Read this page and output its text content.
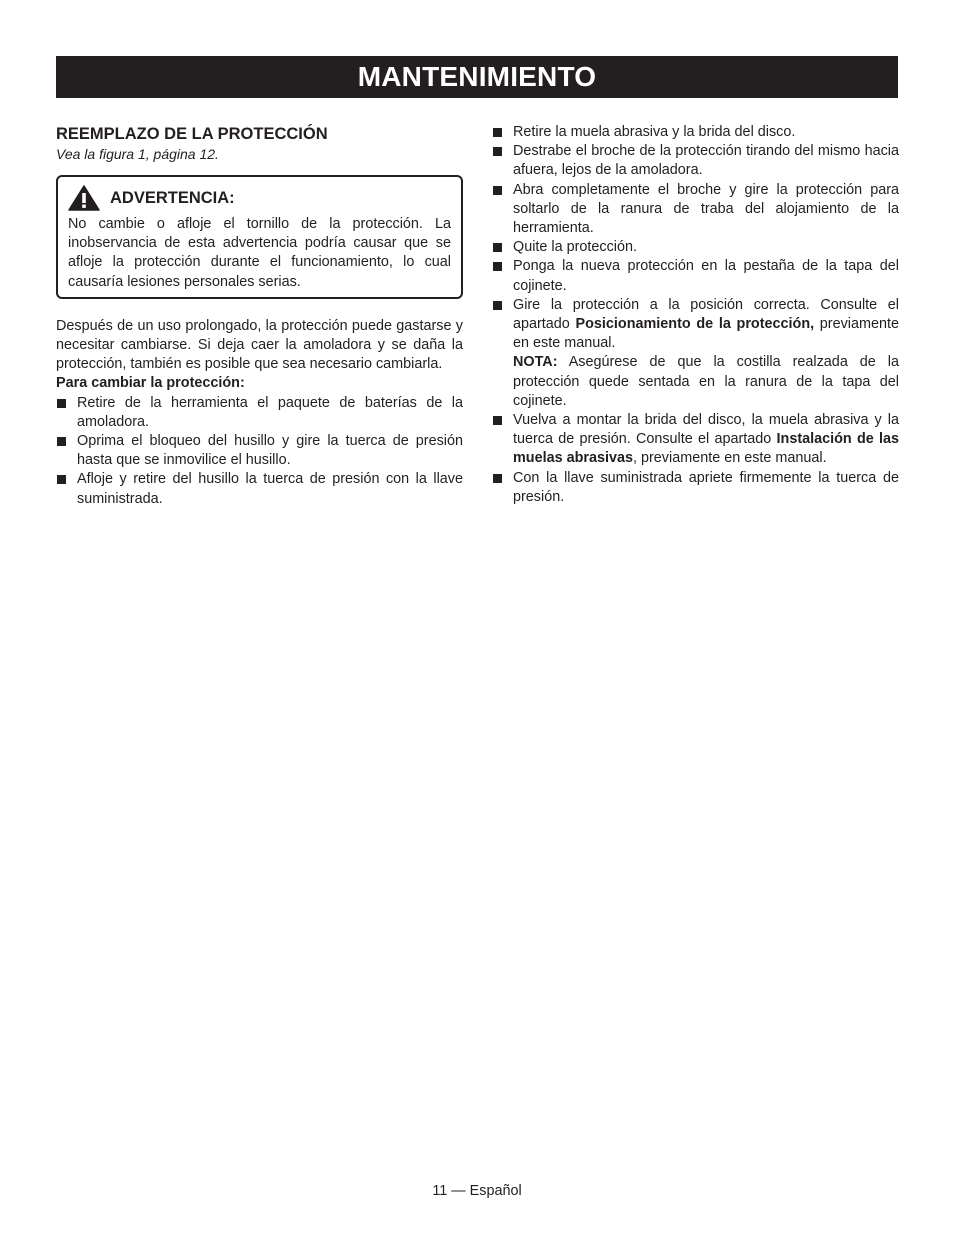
MANTENIMIENTO

REEMPLAZO DE LA PROTECCIÓN

Vea la figura 1, página 12.

ADVERTENCIA:

No cambie o afloje el tornillo de la protección. La inobservancia de esta advertencia podría causar que se afloje la protección durante el funcionamiento, lo cual causaría lesiones personales serias.

Después de un uso prolongado, la protección puede gastarse y necesitar cambiarse. Si deja caer la amoladora y se daña la protección, también es posible que sea necesario cambiarla.

Para cambiar la protección:

Retire de la herramienta el paquete de baterías de la amoladora.
Oprima el bloqueo del husillo y gire la tuerca de presión hasta que se inmovilice el husillo.
Afloje y retire del husillo la tuerca de presión con la llave suministrada.
Retire la muela abrasiva y la brida del disco.
Destrabe el broche de la protección tirando del mismo hacia afuera, lejos de la amoladora.
Abra completamente el broche y gire la protección para soltarlo de la ranura de traba del alojamiento de la herramienta.
Quite la protección.
Ponga la nueva protección en la pestaña de la tapa del cojinete.
Gire la protección a la posición correcta. Consulte el apartado Posicionamiento de la protección, previamente en este manual.
NOTA: Asegúrese de que la costilla realzada de la protección quede sentada en la ranura de la tapa del cojinete.
Vuelva a montar la brida del disco, la muela abrasiva y la tuerca de presión. Consulte el apartado Instalación de las muelas abrasivas, previamente en este manual.
Con la llave suministrada apriete firmemente la tuerca de presión.
11 — Español
